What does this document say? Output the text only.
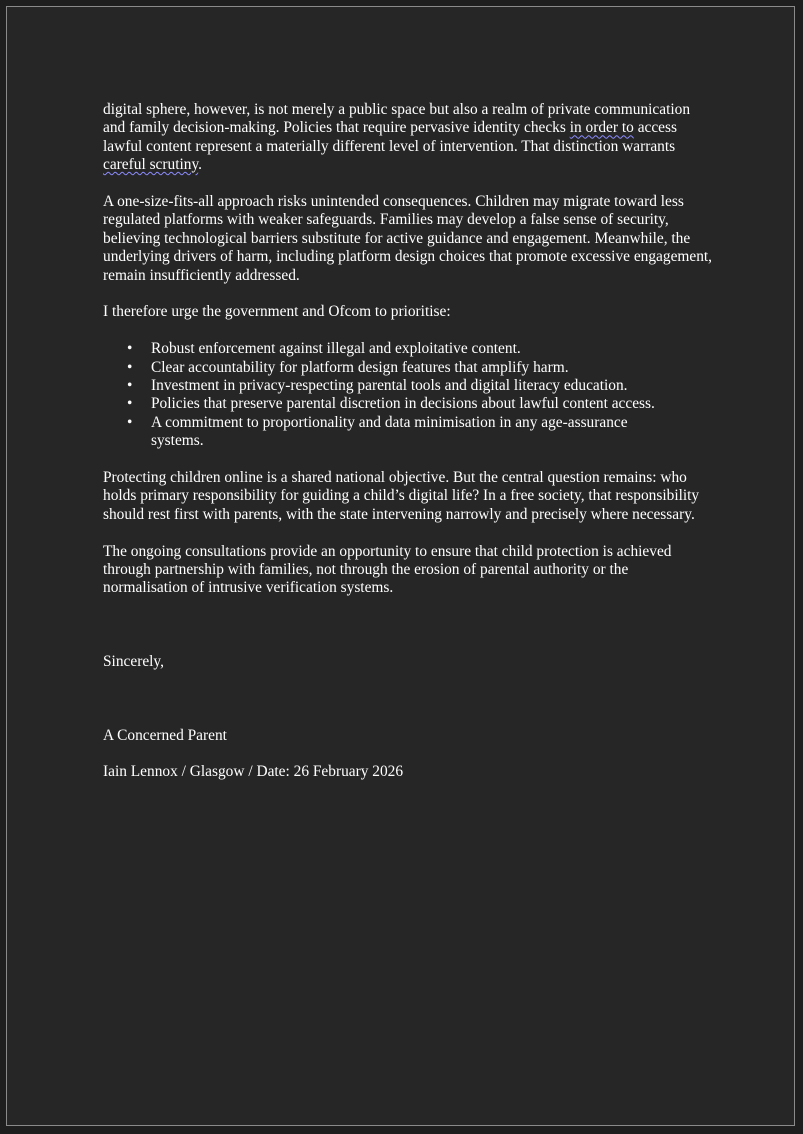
digital sphere, however, is not merely a public space but also a realm of private communication and family decision-making. Policies that require pervasive identity checks in order to access lawful content represent a materially different level of intervention. That distinction warrants careful scrutiny.

A one-size-fits-all approach risks unintended consequences. Children may migrate toward less regulated platforms with weaker safeguards. Families may develop a false sense of security, believing technological barriers substitute for active guidance and engagement. Meanwhile, the underlying drivers of harm, including platform design choices that promote excessive engagement, remain insufficiently addressed.

I therefore urge the government and Ofcom to prioritise:

• Robust enforcement against illegal and exploitative content.
• Clear accountability for platform design features that amplify harm.
• Investment in privacy-respecting parental tools and digital literacy education.
• Policies that preserve parental discretion in decisions about lawful content access.
• A commitment to proportionality and data minimisation in any age-assurance systems.

Protecting children online is a shared national objective. But the central question remains: who holds primary responsibility for guiding a child’s digital life? In a free society, that responsibility should rest first with parents, with the state intervening narrowly and precisely where necessary.

The ongoing consultations provide an opportunity to ensure that child protection is achieved through partnership with families, not through the erosion of parental authority or the normalisation of intrusive verification systems.

Sincerely,

A Concerned Parent

Iain Lennox / Glasgow / Date: 26 February 2026
